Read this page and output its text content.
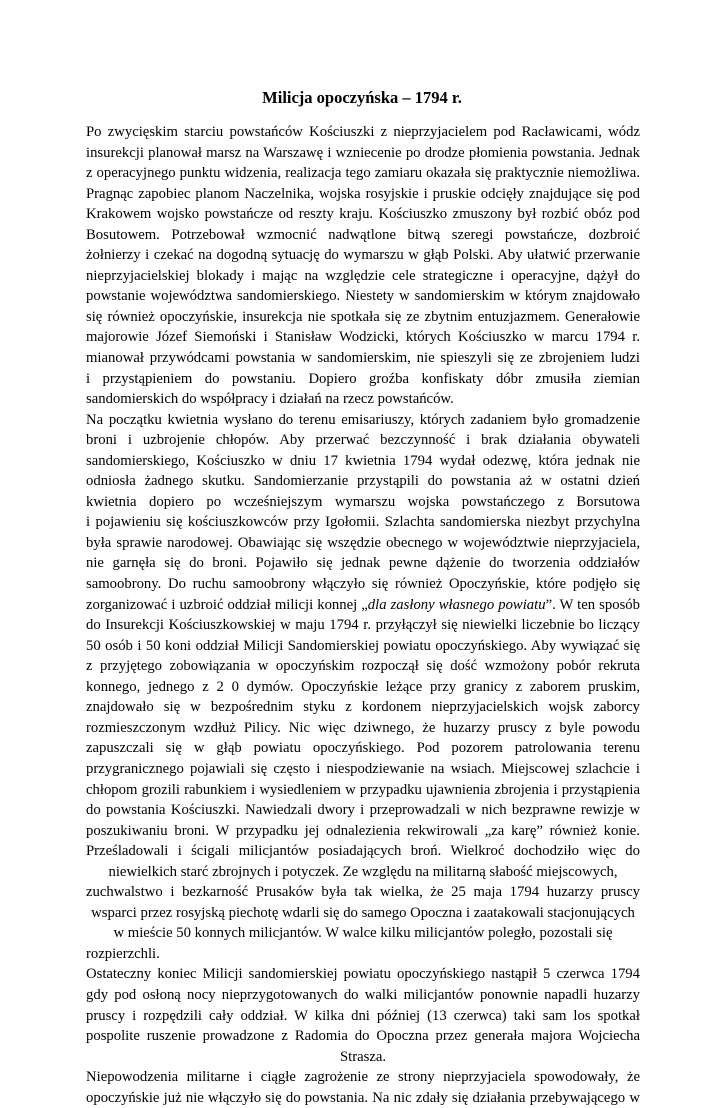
Milicja opoczyńska – 1794 r.
Po zwycięskim starciu powstańców Kościuszki z nieprzyjacielem pod Racławicami, wódz
insurekcji planował marsz na Warszawę i wzniecenie po drodze płomienia powstania. Jednak
z operacyjnego punktu widzenia, realizacja tego zamiaru okazała się praktycznie niemożliwa.
Pragnąc zapobiec planom Naczelnika, wojska rosyjskie i pruskie odcięły znajdujące się pod
Krakowem wojsko powstańcze od reszty kraju. Kościuszko zmuszony był rozbić obóz pod
Bosutowem. Potrzebował wzmocnić nadwątlone bitwą szeregi powstańcze, dozbroić
żołnierzy i czekać na dogodną sytuację do wymarszu w głąb Polski. Aby ułatwić przerwanie
nieprzyjacielskiej blokady i mając na względzie cele strategiczne i operacyjne, dążył do
powstanie województwa sandomierskiego. Niestety w sandomierskim w którym znajdowało
się również opoczyńskie, insurekcja nie spotkała się ze zbytnim entuzjazmem. Generałowie
majorowie Józef Siemoński i Stanisław Wodzicki, których Kościuszko w marcu 1794 r.
mianował przywódcami powstania w sandomierskim, nie spieszyli się ze zbrojeniem ludzi
i przystąpieniem do powstaniu. Dopiero groźba konfiskaty dóbr zmusiła ziemian
sandomierskich do współpracy i działań na rzecz powstańców.
Na początku kwietnia wysłano do terenu emisariuszy, których zadaniem było gromadzenie
broni i uzbrojenie chłopów. Aby przerwać bezczynność i brak działania obywateli
sandomierskiego, Kościuszko w dniu 17 kwietnia 1794 wydał odezwę, która jednak nie
odniosła żadnego skutku. Sandomierzanie przystąpili do powstania aż w ostatni dzień
kwietnia dopiero po wcześniejszym wymarszu wojska powstańczego z Borsutowa
i pojawieniu się kościuszkowców przy Igołomii. Szlachta sandomierska niezbyt przychylna
była sprawie narodowej. Obawiając się wszędzie obecnego w województwie nieprzyjaciela,
nie garnęła się do broni. Pojawiło się jednak pewne dążenie do tworzenia oddziałów
samoobrony. Do ruchu samoobrony włączyło się również Opoczyńskie, które podjęło się
zorganizować i uzbroić oddział milicji konnej „dla zasłony własnego powiatu”. W ten sposób
do Insurekcji Kościuszkowskiej w maju 1794 r. przyłączył się niewielki liczebnie bo liczący
50 osób i 50 koni oddział Milicji Sandomierskiej powiatu opoczyńskiego. Aby wywiązać się
z przyjętego zobowiązania w opoczyńskim rozpoczął się dość wzmożony pobór rekruta
konnego, jednego z 2 0 dymów. Opoczyńskie leżące przy granicy z zaborem pruskim,
znajdowało się w bezpośrednim styku z kordonem nieprzyjacielskich wojsk zaborcy
rozmieszczonym wzdłuż Pilicy. Nic więc dziwnego, że huzarzy pruscy z byle powodu
zapuszczali się w głąb powiatu opoczyńskiego. Pod pozorem patrolowania terenu
przygranicznego pojawiali się często i niespodziewanie na wsiach. Miejscowej szlachcie i
chłopom grozili rabunkiem i wysiedleniem w przypadku ujawnienia zbrojenia i przystąpienia
do powstania Kościuszki. Nawiedzali dwory i przeprowadzali w nich bezprawne rewizje w
poszukiwaniu broni. W przypadku jej odnalezienia rekwirowali „za karę” również konie.
Prześladowali i ścigali milicjantów posiadających broń. Wielkroć dochodziło więc do
niewielkich starć zbrojnych i potyczek. Ze względu na militarną słabość miejscowych,
zuchwalstwo i bezkarność Prusaków była tak wielka, że 25 maja 1794 huzarzy pruscy
wsparci przez rosyjską piechotę wdarli się do samego Opoczna i zaatakowali stacjonujących
w mieście 50 konnych milicjantów. W walce kilku milicjantów poległo, pozostali się
rozpierzchli.
Ostateczny koniec Milicji sandomierskiej powiatu opoczyńskiego nastąpił 5 czerwca 1794
gdy pod osłoną nocy nieprzygotowanych do walki milicjantów ponownie napadli huzarzy
pruscy i rozpędzili cały oddział. W kilka dni później (13 czerwca) taki sam los spotkał
pospolite ruszenie prowadzone z Radomia do Opoczna przez generała majora Wojciecha
Strasza.
Niepowodzenia militarne i ciągłe zagrożenie ze strony nieprzyjaciela spowodowały, że
opoczyńskie już nie włączyło się do powstania. Na nic zdały się działania przebywającego w
